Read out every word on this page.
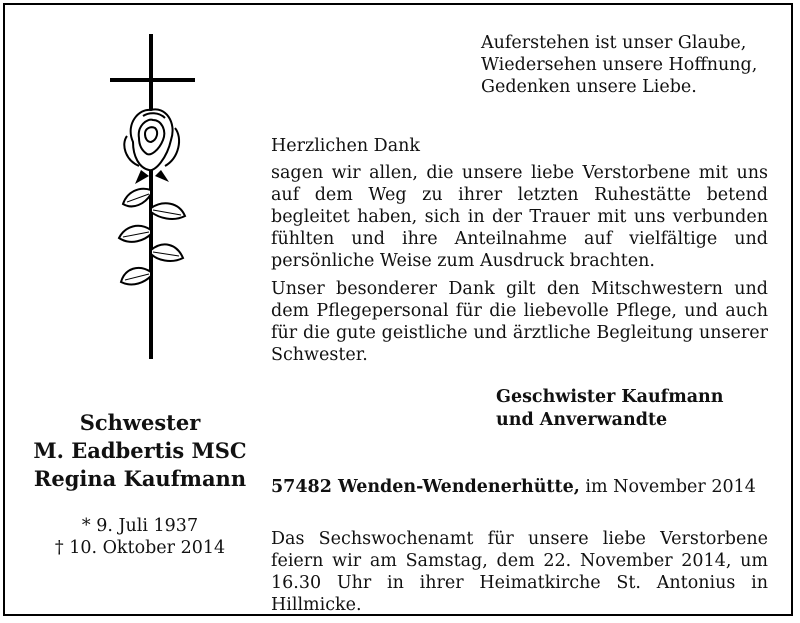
Auferstehen ist unser Glaube,
Wiedersehen unsere Hoffnung,
Gedenken unsere Liebe.
Herzlichen Dank
sagen wir allen, die unsere liebe Verstorbene mit uns auf dem Weg zu ihrer letzten Ruhestätte betend begleitet haben, sich in der Trauer mit uns verbunden fühlten und ihre Anteilnahme auf vielfältige und persönliche Weise zum Ausdruck brachten.
Unser besonderer Dank gilt den Mitschwestern und dem Pflegepersonal für die liebevolle Pflege, und auch für die gute geistliche und ärztliche Begleitung unserer Schwester.
Geschwister Kaufmann
und Anverwandte
57482 Wenden-Wendenerhütte, im November 2014
Das Sechswochenamt für unsere liebe Verstorbene feiern wir am Samstag, dem 22. November 2014, um 16.30 Uhr in ihrer Heimatkirche St. Antonius in Hillmicke.
Schwester
M. Eadbertis MSC
Regina Kaufmann
* 9. Juli 1937
† 10. Oktober 2014
